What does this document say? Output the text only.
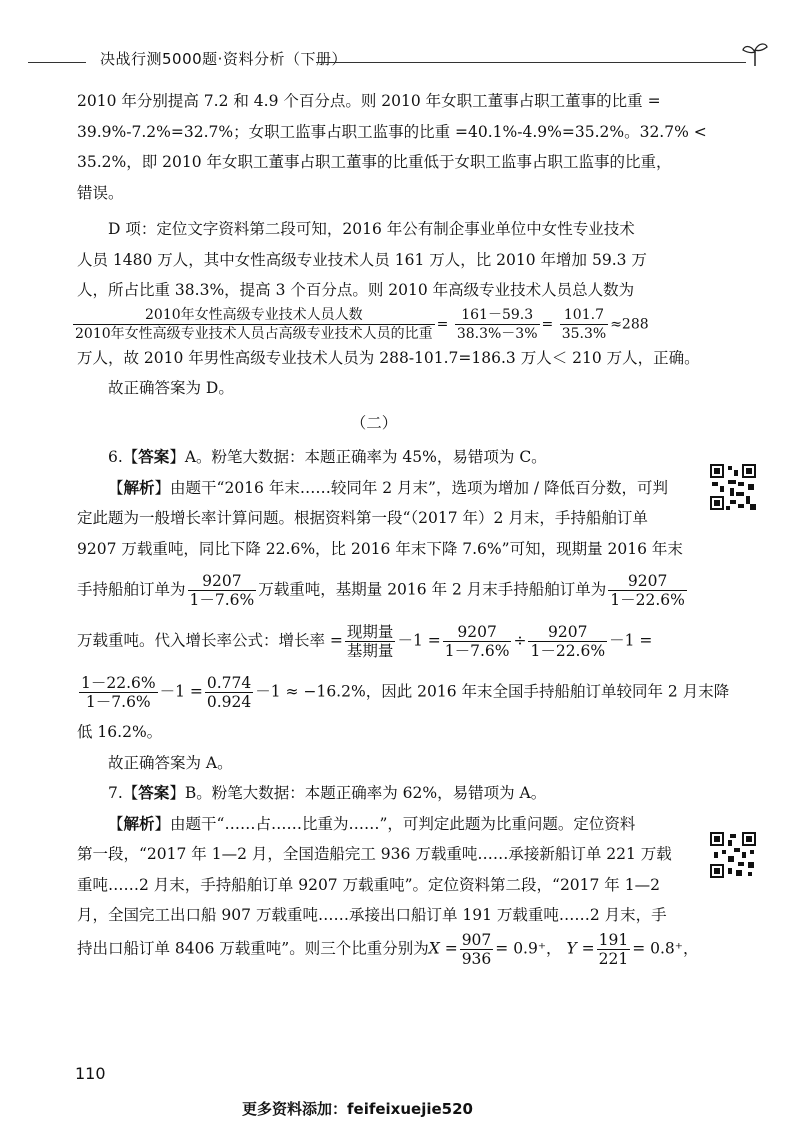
决战行测5000题·资料分析（下册）

2010 年分别提高 7.2 和 4.9 个百分点。则 2010 年女职工董事占职工董事的比重 =
39.9%-7.2%=32.7%；女职工监事占职工监事的比重 =40.1%-4.9%=35.2%。32.7% <
35.2%，即 2010 年女职工董事占职工董事的比重低于女职工监事占职工监事的比重，
错误。

D 项：定位文字资料第二段可知，2016 年公有制企事业单位中女性专业技术
人员 1480 万人，其中女性高级专业技术人员 161 万人，比 2010 年增加 59.3 万
人，所占比重 38.3%，提高 3 个百分点。则 2010 年高级专业技术人员总人数为

$\frac{\text{2010年女性高级专业技术人员人数}}{\text{2010年女性高级专业技术人员占高级专业技术人员的比重}} = \frac{161-59.3}{38.3\%-3\%} = \frac{101.7}{35.3\%} \approx 288$

万人，故 2010 年男性高级专业技术人员为 288-101.7=186.3 万人＜ 210 万人，正确。

故正确答案为 D。

（二）

6.【答案】A。粉笔大数据：本题正确率为 45%，易错项为 C。

【解析】由题干“2016 年末……较同年 2 月末”，选项为增加 / 降低百分数，可判
定此题为一般增长率计算问题。根据资料第一段“（2017 年）2 月末，手持船舶订单
9207 万载重吨，同比下降 22.6%，比 2016 年末下降 7.6%”可知，现期量 2016 年末

手持船舶订单为 $\frac{9207}{1-7.6\%}$ 万载重吨，基期量 2016 年 2 月末手持船舶订单为 $\frac{9207}{1-22.6\%}$
万载重吨。代入增长率公式：增长率 = $\frac{\text{现期量}}{\text{基期量}} -1 = \frac{9207}{1-7.6\%} \div \frac{9207}{1-22.6\%} -1$ =
$\frac{1-22.6\%}{1-7.6\%} -1 = \frac{0.774}{0.924} -1 \approx -16.2\%$，因此 2016 年末全国手持船舶订单较同年 2 月末降

低 16.2%。

故正确答案为 A。

7.【答案】B。粉笔大数据：本题正确率为 62%，易错项为 A。

【解析】由题干“……占……比重为……”，可判定此题为比重问题。定位资料
第一段，“2017 年 1—2 月，全国造船完工 936 万载重吨……承接新船订单 221 万载
重吨……2 月末，手持船舶订单 9207 万载重吨”。定位资料第二段，“2017 年 1—2
月，全国完工出口船 907 万载重吨……承接出口船订单 191 万载重吨……2 月末，手

持出口船订单 8406 万载重吨”。则三个比重分别为$X = \frac{907}{936} = 0.9^+$， $Y = \frac{191}{221} = 0.8^+$，
110
更多资料添加：feifeixuejie520
